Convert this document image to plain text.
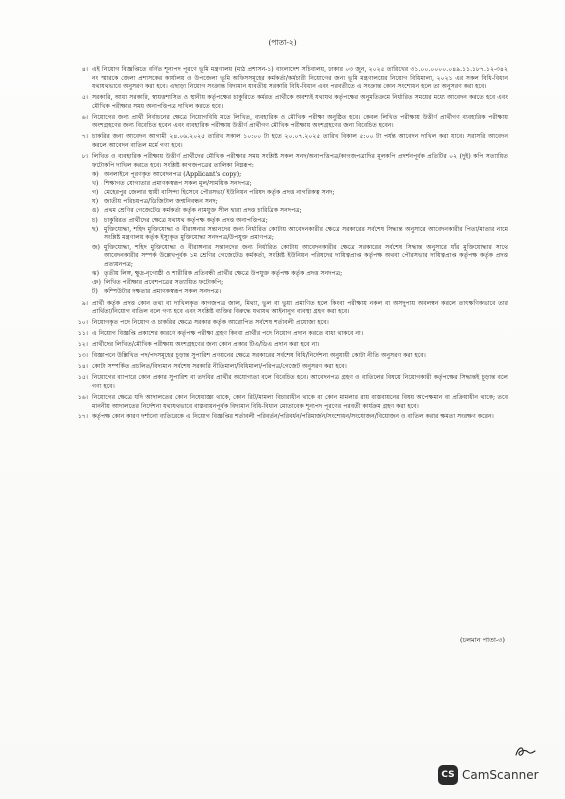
(পাতা-২)
৪। এই নিয়োগ বিজ্ঞপ্তিতে বর্ণিত শূন্যপদ পূরণে ভূমি মন্ত্রণালয় (মাঠ প্রশাসন-১) বাংলাদেশ সচিবালয়, ঢাকার ০৩ জুন, ২০২৫ তারিখের ৩১.০০.০০০০.০৪৯.১১.১৮৭.১২-৩৪২ নং স্মারকে জেলা প্রশাসকের কার্যালয় ও উপজেলা ভূমি অফিসসমূহের কর্মকর্তা/কর্মচারী নিয়োগের জন্য ভূমি মন্ত্রণালয়ের নিয়োগ বিধিমালা, ২০২১ এর সকল বিধি-বিধান যথাযথভাবে অনুসরণ করা হবে। এছাড়া নিয়োগ সংক্রান্ত বিদ্যমান যাবতীয় সরকারি বিধি-বিধান এবং পরবর্তীতে এ সংক্রান্ত কোন সংশোধন হলে তা অনুসরণ করা হবে।
৫। সরকারি, আধা সরকারি, স্বায়ত্তশাসিত ও স্থানীয় কর্তৃপক্ষের চাকুরিতে কর্মরত প্রার্থীকে অবশ্যই যথাযথ কর্তৃপক্ষের অনুমতিক্রমে নির্ধারিত সময়ের মধ্যে আবেদন করতে হবে এবং মৌখিক পরীক্ষার সময় অনাপত্তিপত্র দাখিল করতে হবে।
৬। নিয়োগের জন্য প্রার্থী নির্বাচনের ক্ষেত্রে নিয়োগবিধি মতে লিখিত, ব্যবহারিক ও মৌখিক পরীক্ষা অনুষ্ঠিত হবে। কেবল লিখিত পরীক্ষায় উত্তীর্ণ প্রার্থীগণ ব্যবহারিক পরীক্ষায় অংশগ্রহণের জন্য বিবেচিত হবেন এবং ব্যবহারিক পরীক্ষায় উত্তীর্ণ প্রার্থীগণ মৌখিক পরীক্ষায় অংশগ্রহণের জন্য বিবেচিত হবেন।
৭। চাকরির জন্য আবেদন আগামী ২৪.০৬.২০২৫ তারিখ সকাল ১০:০০ টা হতে ২০.০৭.২০২৫ তারিখ বিকাল ৫:০০ টা পর্যন্ত আবেদন দাখিল করা যাবে। সরাসরি আবেদন করলে আবেদন বাতিল মর্মে গণ্য হবে।
৮। লিখিত ও ব্যবহারিক পরীক্ষায় উত্তীর্ণ প্রার্থীদের মৌখিক পরীক্ষার সময় সংশ্লিষ্ট সকল সনদ/অনাপত্তিপত্র/কাগজপত্রাদির মূলকপি প্রদর্শনপূর্বক প্রতিটির ০২ (দুই) কপি সত্যায়িত ফটোকপি দাখিল করতে হবে। সংশ্লিষ্ট কাগজপত্রের তালিকা নিম্নরূপ:
ক) অনলাইনে পূরণকৃত আবেদনপত্র (Applicant's copy);
খ) শিক্ষাগত যোগ্যতার প্রমাণকস্বরূপ সকল মূল/সাময়িক সনদপত্র;
গ) মেহেরপুর জেলার স্থায়ী বাসিন্দা হিসেবে পৌরসভা/ ইউনিয়ন পরিষদ কর্তৃক প্রদত্ত নাগরিকত্ব সনদ;
ঘ) জাতীয় পরিচয়পত্র/ডিজিটাল জন্মনিবন্ধন সনদ;
ঙ) প্রথম শ্রেণির গেজেটেড কর্মকর্তা কর্তৃক নামযুক্ত সীল দ্বারা প্রদত্ত চারিত্রিক সনদপত্র;
চ)	চাকুরিরত প্রার্থীদের ক্ষেত্রে যথাযথ কর্তৃপক্ষ কর্তৃক প্রদত্ত অনাপত্তিপত্র;
ছ) মুক্তিযোদ্ধা, শহিদ মুক্তিযোদ্ধা ও বীরাঙ্গনার সন্তানদের জন্য নির্ধারিত কোটায় আবেদনকারীর ক্ষেত্রে সরকারের সর্বশেষ সিদ্ধান্ত অনুসারে আবেদনকারীর পিতা/মাতার নামে সংশ্লিষ্ট মন্ত্রণালয় কর্তৃক ইস্যুকৃত মুক্তিযোদ্ধা সনদপত্র/উপযুক্ত প্রমাণপত্র;
জ) মুক্তিযোদ্ধা, শহিদ মুক্তিযোদ্ধা ও বীরাঙ্গনার সন্তানদের জন্য নির্ধারিত কোটায় আবেদনকারীর ক্ষেত্রে সরকারের সর্বশেষ সিদ্ধান্ত অনুসারে যাঁর মুক্তিযোদ্ধার সাথে আবেদনকারীর সম্পর্ক উল্লেখপূর্বক ১ম শ্রেণির গেজেটেড কর্মকর্তা, সংশ্লিষ্ট ইউনিয়ন পরিষদের দায়িত্বপ্রাপ্ত কর্তৃপক্ষ অথবা পৌরসভার দায়িত্বপ্রাপ্ত কর্তৃপক্ষ কর্তৃক প্রদত্ত প্রত্যয়নপত্র;
ঝ) তৃতীয় লিঙ্গ, ক্ষুদ্র-নৃগোষ্ঠী ও শারীরিক প্রতিবন্ধী প্রার্থীর ক্ষেত্রে উপযুক্ত কর্তৃপক্ষ কর্তৃক প্রদত্ত সনদপত্র;
ঞ) লিখিত পরীক্ষার প্রবেশপত্রের সত্যায়িত ফটোকপি;
ট)	কম্পিউটার দক্ষতার প্রমাণকস্বরূপ সকল সনদপত্র।
৯। প্রার্থী কর্তৃক প্রদত্ত কোন তথ্য বা দাখিলকৃত কাগজপত্র জাল, মিথ্যা, ভুল বা ভুয়া প্রমাণিত হলে কিংবা পরীক্ষায় নকল বা অসদুপায় অবলম্বন করলে তাৎক্ষণিকভাবে তার প্রার্থিতা/নিয়োগ বাতিল বলে গণ্য হবে এবং সংশ্লিষ্ট ব্যক্তির বিরুদ্ধে যথাযথ আইনানুগ ব্যবস্থা গ্রহণ করা হবে।
১০। নিয়োগকৃত পদে নিয়োগ ও চাকরির ক্ষেত্রে সরকার কর্তৃক আরোপিত সর্বশেষ শর্তাবলী প্রযোজ্য হবে।
১১। এ নিয়োগ বিজ্ঞপ্তি প্রকাশের কারণে কর্তৃপক্ষ পরীক্ষা গ্রহণ কিংবা প্রার্থীর পদে নিয়োগ প্রদান করতে বাধ্য থাকবে না।
১২। প্রার্থীদের লিখিত/মৌখিক পরীক্ষায় অংশগ্রহণের জন্য কোন প্রকার টিএ/ডিএ প্রদান করা হবে না।
১৩। বিজ্ঞাপনে উল্লিখিত পদ/পদসমূহের চূড়ান্ত সুপারিশ প্রণয়নের ক্ষেত্রে সরকারের সর্বশেষ বিধি/নির্দেশনা অনুযায়ী কোটা নীতি অনুসরণ করা হবে।
১৪। কোটা সম্পর্কিত প্রচলিত/বিদ্যমান সর্বশেষ সরকারি নীতিমালা/বিধিমালা/পরিপত্র/গেজেট অনুসরণ করা হবে।
১৫। নিয়োগের ব্যাপারে কোন প্রকার সুপারিশ বা তদবির প্রার্থীর অযোগ্যতা বলে বিবেচিত হবে। আবেদনপত্র গ্রহণ ও বাতিলের বিষয়ে নিয়োগকারী কর্তৃপক্ষের সিদ্ধান্তই চূড়ান্ত বলে গণ্য হবে।
১৬। নিয়োগের ক্ষেত্রে যদি আদালতের কোন নিষেধাজ্ঞা থাকে, কোন রিট/মামলা বিচারাধীন থাকে বা কোন মামলার রায় বাস্তবায়নের বিষয় অপেক্ষমান বা প্রক্রিয়াধীন থাকে; তবে মাননীয় আদালতের নির্দেশনা যথাযথভাবে বাস্তবায়নপূর্বক বিদ্যমান বিধি-বিধান মোতাবেক শূন্যপদ পূরণের পরবর্তী কার্যক্রম গ্রহণ করা হবে।
১৭। কর্তৃপক্ষ কোন কারণ দর্শানো ব্যতিরেকে এ নিয়োগ বিজ্ঞপ্তির শর্তাবলী পরিবর্তন/পরিবর্ধন/পরিমার্জন/সংশোধন/সংযোজন/বিয়োজন ও বাতিল করার ক্ষমতা সংরক্ষণ করেন।
(চলমান পাতা-৩)
CS CamScanner
